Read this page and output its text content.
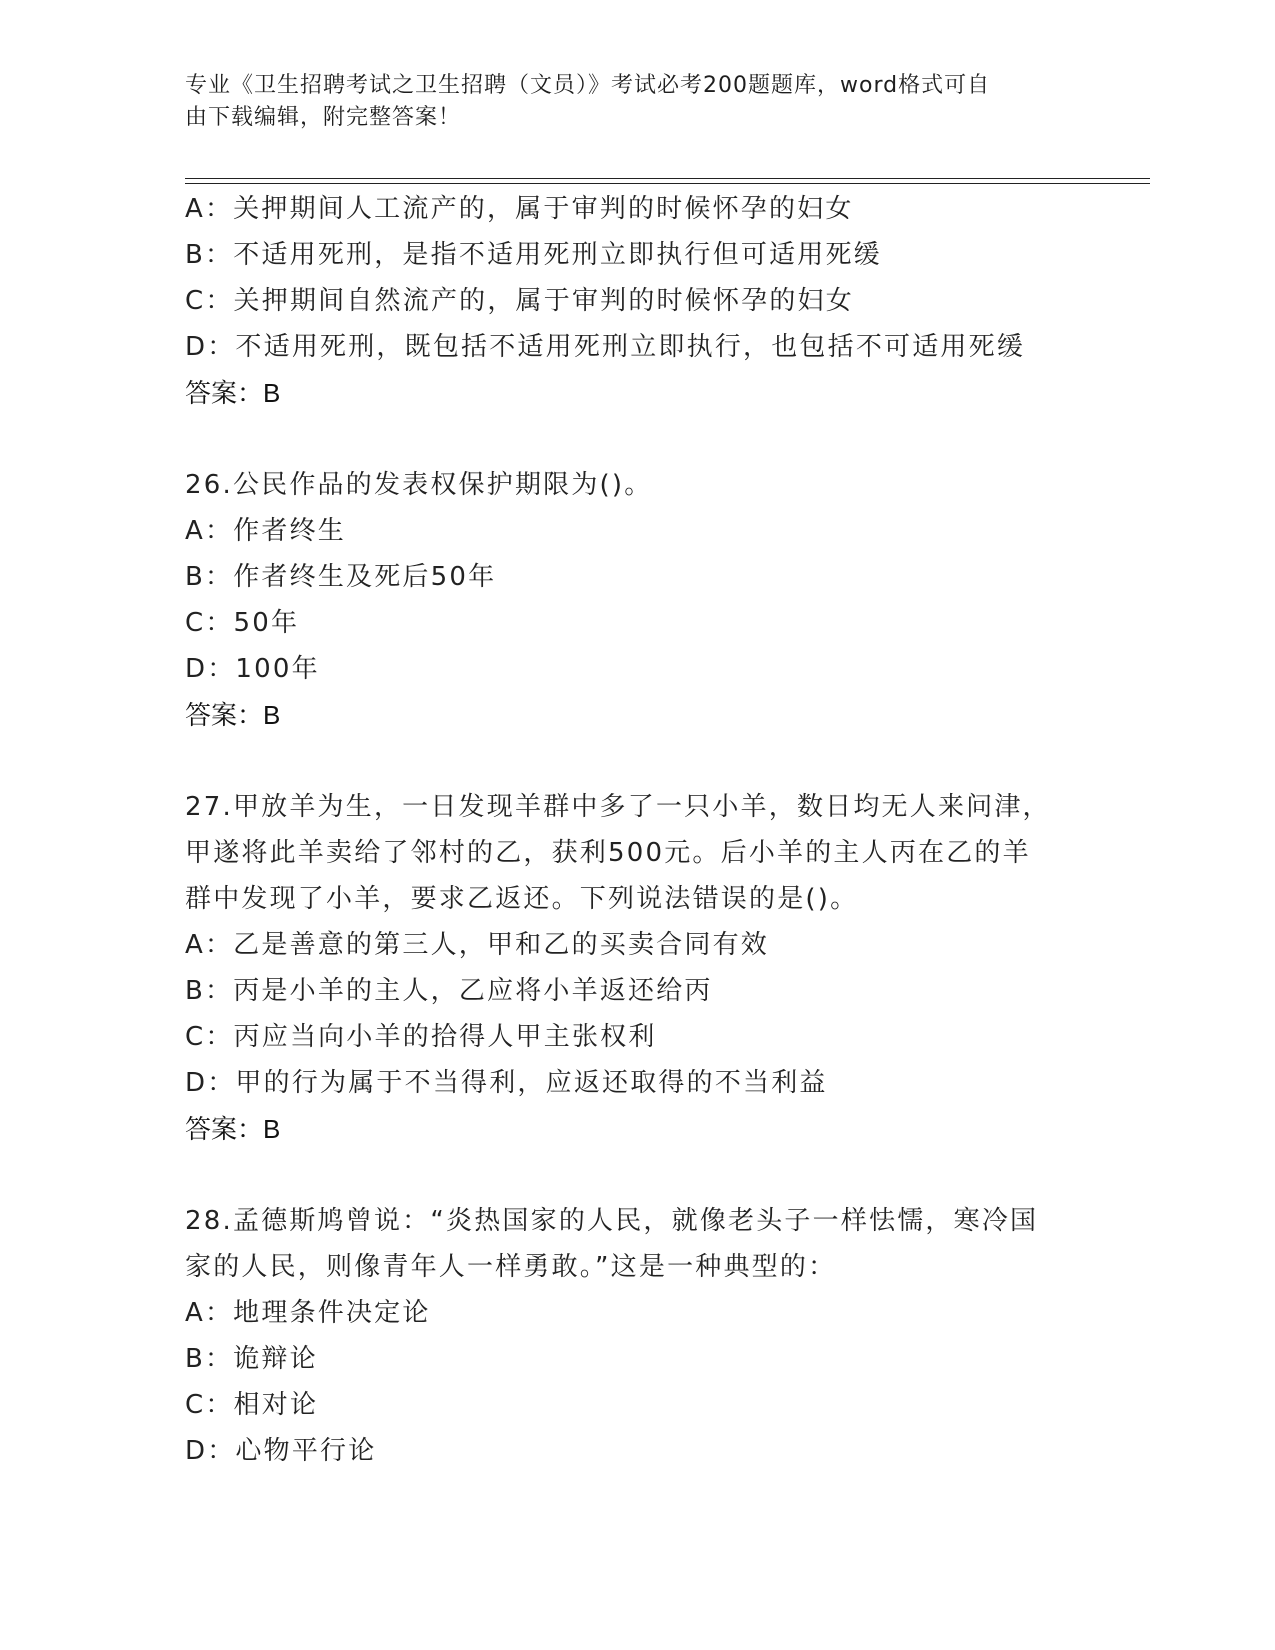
专业《卫生招聘考试之卫生招聘（文员）》考试必考200题题库，word格式可自
由下载编辑，附完整答案！
A：关押期间人工流产的，属于审判的时候怀孕的妇女
B：不适用死刑，是指不适用死刑立即执行但可适用死缓
C：关押期间自然流产的，属于审判的时候怀孕的妇女
D：不适用死刑，既包括不适用死刑立即执行，也包括不可适用死缓
答案：B
26.公民作品的发表权保护期限为()。
A：作者终生
B：作者终生及死后50年
C：50年
D：100年
答案：B
27.甲放羊为生，一日发现羊群中多了一只小羊，数日均无人来问津，
甲遂将此羊卖给了邻村的乙，获利500元。后小羊的主人丙在乙的羊
群中发现了小羊，要求乙返还。下列说法错误的是()。
A：乙是善意的第三人，甲和乙的买卖合同有效
B：丙是小羊的主人，乙应将小羊返还给丙
C：丙应当向小羊的拾得人甲主张权利
D：甲的行为属于不当得利，应返还取得的不当利益
答案：B
28.孟德斯鸠曾说：“炎热国家的人民，就像老头子一样怯懦，寒冷国
家的人民，则像青年人一样勇敢。”这是一种典型的：
A：地理条件决定论
B：诡辩论
C：相对论
D：心物平行论
